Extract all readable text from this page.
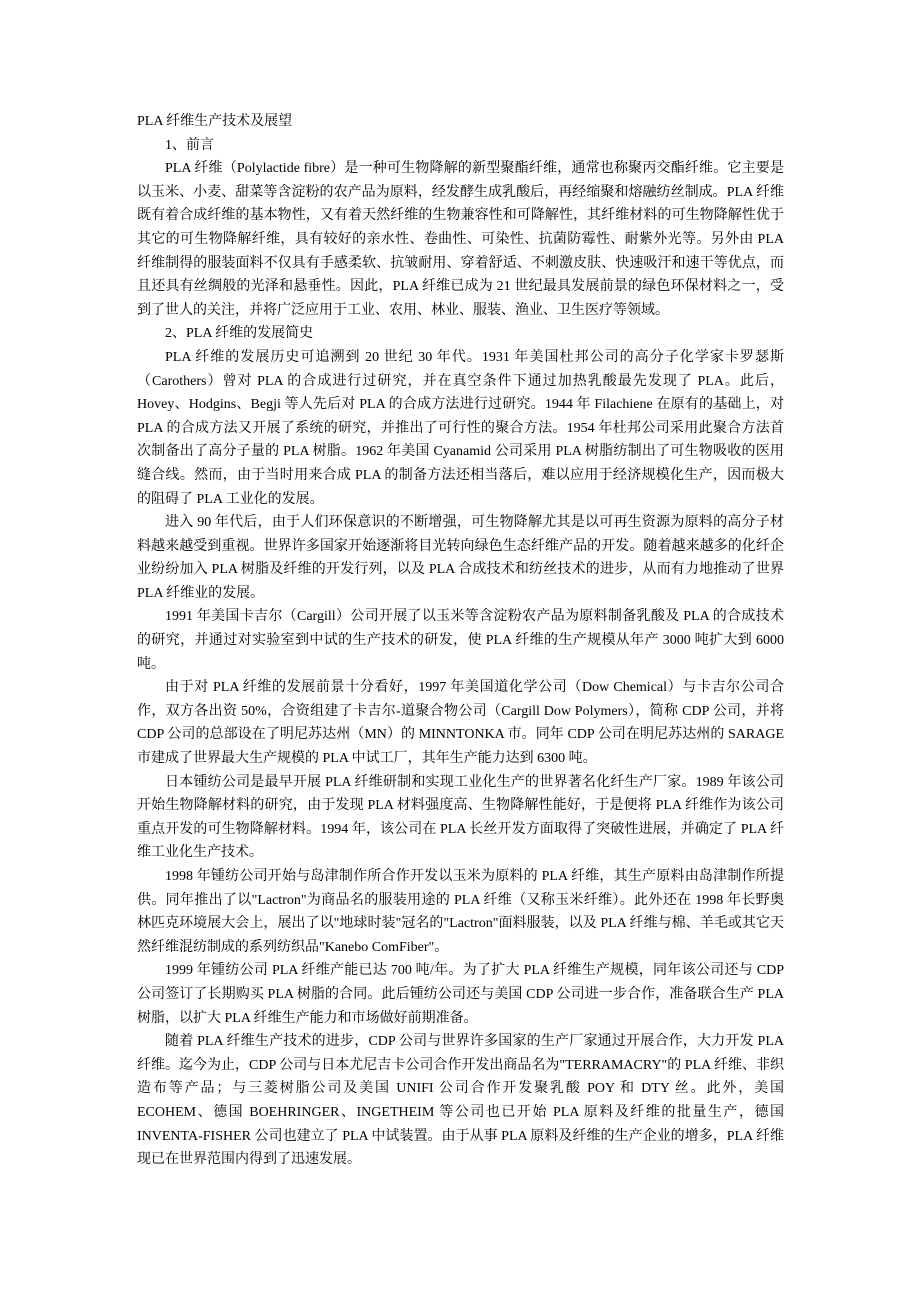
PLA 纤维生产技术及展望

1、前言

PLA 纤维（Polylactide fibre）是一种可生物降解的新型聚酯纤维，通常也称聚丙交酯纤维。它主要是以玉米、小麦、甜菜等含淀粉的农产品为原料，经发酵生成乳酸后，再经缩聚和熔融纺丝制成。PLA 纤维既有着合成纤维的基本物性，又有着天然纤维的生物兼容性和可降解性，其纤维材料的可生物降解性优于其它的可生物降解纤维，具有较好的亲水性、卷曲性、可染性、抗菌防霉性、耐紫外光等。另外由 PLA 纤维制得的服装面料不仅具有手感柔软、抗皱耐用、穿着舒适、不刺激皮肤、快速吸汗和速干等优点，而且还具有丝绸般的光泽和悬垂性。因此，PLA 纤维已成为 21 世纪最具发展前景的绿色环保材料之一，受到了世人的关注，并将广泛应用于工业、农用、林业、服装、渔业、卫生医疗等领域。

2、PLA 纤维的发展简史

PLA 纤维的发展历史可追溯到 20 世纪 30 年代。1931 年美国杜邦公司的高分子化学家卡罗瑟斯（Carothers）曾对 PLA 的合成进行过研究，并在真空条件下通过加热乳酸最先发现了 PLA。此后，Hovey、Hodgins、Begji 等人先后对 PLA 的合成方法进行过研究。1944 年 Filachiene 在原有的基础上，对 PLA 的合成方法又开展了系统的研究，并推出了可行性的聚合方法。1954 年杜邦公司采用此聚合方法首次制备出了高分子量的 PLA 树脂。1962 年美国 Cyanamid 公司采用 PLA 树脂纺制出了可生物吸收的医用缝合线。然而，由于当时用来合成 PLA 的制备方法还相当落后，难以应用于经济规模化生产，因而极大的阻碍了 PLA 工业化的发展。

进入 90 年代后，由于人们环保意识的不断增强，可生物降解尤其是以可再生资源为原料的高分子材料越来越受到重视。世界许多国家开始逐渐将目光转向绿色生态纤维产品的开发。随着越来越多的化纤企业纷纷加入 PLA 树脂及纤维的开发行列，以及 PLA 合成技术和纺丝技术的进步，从而有力地推动了世界 PLA 纤维业的发展。

1991 年美国卡吉尔（Cargill）公司开展了以玉米等含淀粉农产品为原料制备乳酸及 PLA 的合成技术的研究，并通过对实验室到中试的生产技术的研发，使 PLA 纤维的生产规模从年产 3000 吨扩大到 6000 吨。

由于对 PLA 纤维的发展前景十分看好，1997 年美国道化学公司（Dow Chemical）与卡吉尔公司合作，双方各出资 50%，合资组建了卡吉尔-道聚合物公司（Cargill Dow Polymers），简称 CDP 公司，并将 CDP 公司的总部设在了明尼苏达州（MN）的 MINNTONKA 市。同年 CDP 公司在明尼苏达州的 SARAGE 市建成了世界最大生产规模的 PLA 中试工厂，其年生产能力达到 6300 吨。

日本锺纺公司是最早开展 PLA 纤维研制和实现工业化生产的世界著名化纤生产厂家。1989 年该公司开始生物降解材料的研究，由于发现 PLA 材料强度高、生物降解性能好，于是便将 PLA 纤维作为该公司重点开发的可生物降解材料。1994 年，该公司在 PLA 长丝开发方面取得了突破性进展，并确定了 PLA 纤维工业化生产技术。

1998 年锺纺公司开始与岛津制作所合作开发以玉米为原料的 PLA 纤维，其生产原料由岛津制作所提供。同年推出了以"Lactron"为商品名的服装用途的 PLA 纤维（又称玉米纤维）。此外还在 1998 年长野奥林匹克环境展大会上，展出了以"地球时装"冠名的"Lactron"面料服装，以及 PLA 纤维与棉、羊毛或其它天然纤维混纺制成的系列纺织品"Kanebo ComFiber"。

1999 年锺纺公司 PLA 纤维产能已达 700 吨/年。为了扩大 PLA 纤维生产规模，同年该公司还与 CDP 公司签订了长期购买 PLA 树脂的合同。此后锺纺公司还与美国 CDP 公司进一步合作，准备联合生产 PLA 树脂，以扩大 PLA 纤维生产能力和市场做好前期准备。

随着 PLA 纤维生产技术的进步，CDP 公司与世界许多国家的生产厂家通过开展合作，大力开发 PLA 纤维。迄今为止，CDP 公司与日本尤尼吉卡公司合作开发出商品名为"TERRAMACRY"的 PLA 纤维、非织造布等产品；与三菱树脂公司及美国 UNIFI 公司合作开发聚乳酸 POY 和 DTY 丝。此外，美国 ECOHEM、德国 BOEHRINGER、INGETHEIM 等公司也已开始 PLA 原料及纤维的批量生产，德国 INVENTA-FISHER 公司也建立了 PLA 中试装置。由于从事 PLA 原料及纤维的生产企业的增多，PLA 纤维现已在世界范围内得到了迅速发展。
